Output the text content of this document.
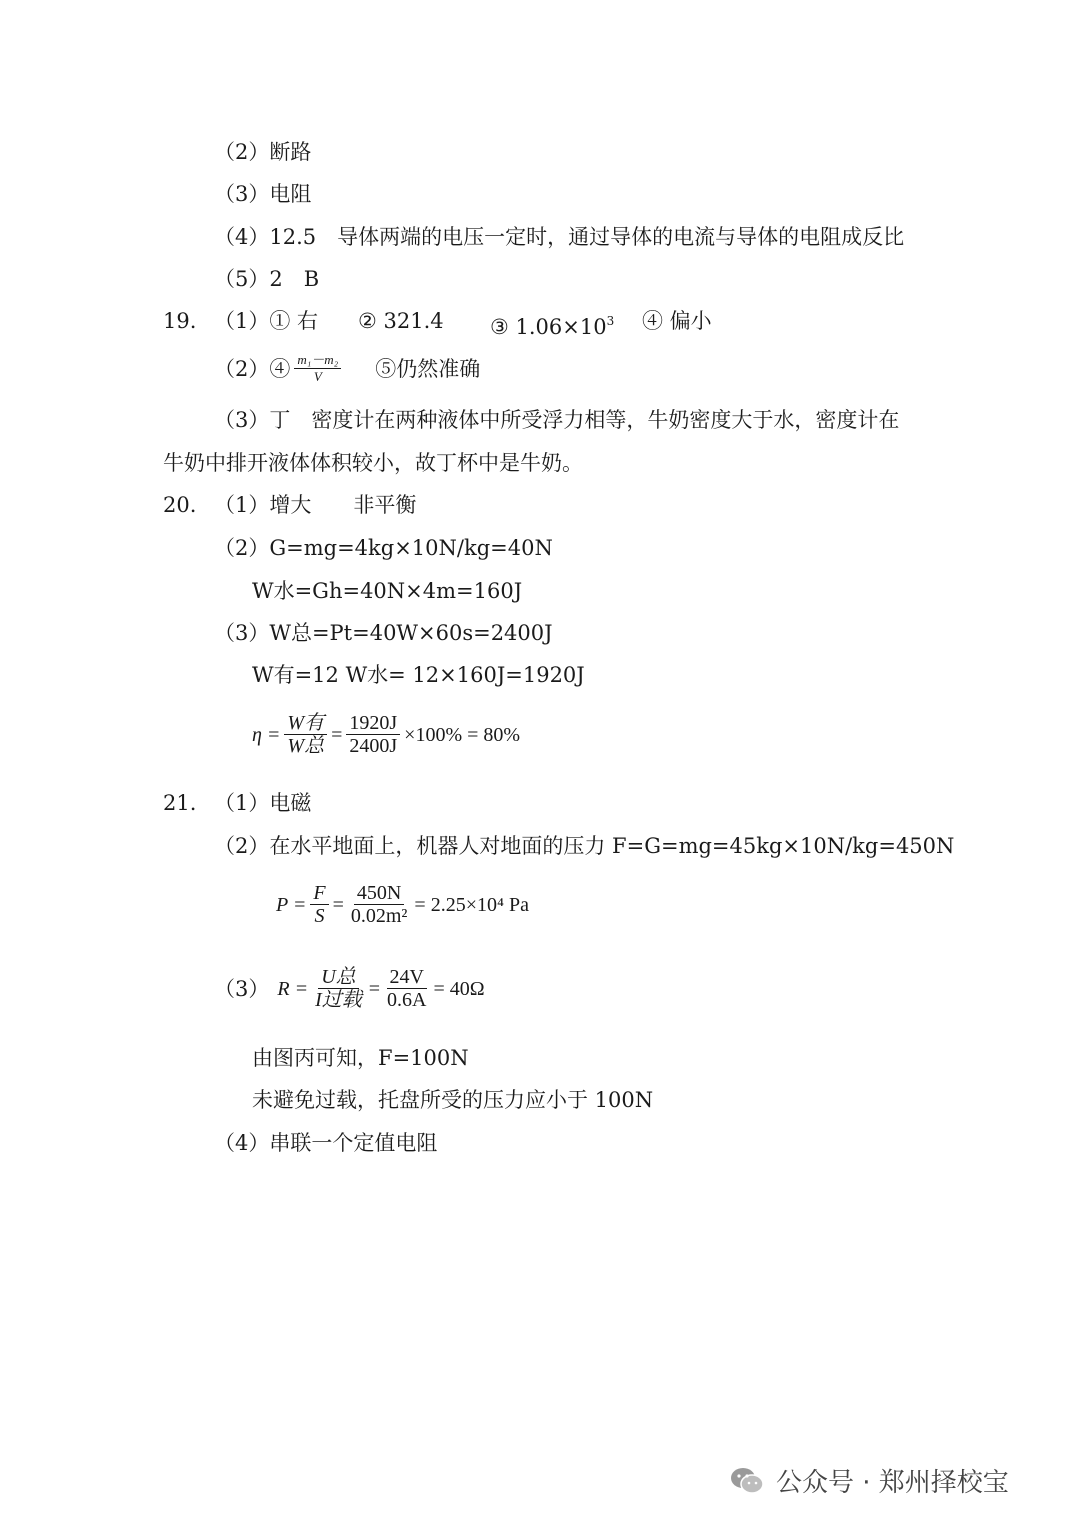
（2）断路
（3）电阻
（4）12.5　导体两端的电压一定时，通过导体的电流与导体的电阻成反比
（5）2　B
19. （1）① 右 ② 321.4 ③ $1.06\times 10^3$ ④ 偏小
（2）④ $\frac{\text{m₁－m₂}}{V}$ ⑤仍然准确
（3）丁　密度计在两种液体中所受浮力相等，牛奶密度大于水，密度计在
牛奶中排开液体体积较小，故丁杯中是牛奶。
20. （1）增大　　非平衡
（2）G=mg=4kg×10N/kg=40N
W水=Gh=40N×4m=160J
（3）W总=Pt=40W×60s=2400J
W有=12 W水= 12×160J=1920J
$\eta = \frac{\text{W有}}{\text{W总}} = \frac{1920J}{2400J} \times 100\% = 80\%$
21. （1）电磁
（2）在水平地面上，机器人对地面的压力 F=G=mg=45kg×10N/kg=450N
$P = \frac{F}{S} = \frac{450N}{\text{0.02m²}} = 2.25\times 10^4$ Pa
（3） $R = \frac{\text{U总}}{\text{I过载}} = \frac{24V}{0.6A} = 40\Omega$
由图丙可知，F=100N
未避免过载，托盘所受的压力应小于 100N
（4）串联一个定值电阻
公众号 · 郑州择校宝
